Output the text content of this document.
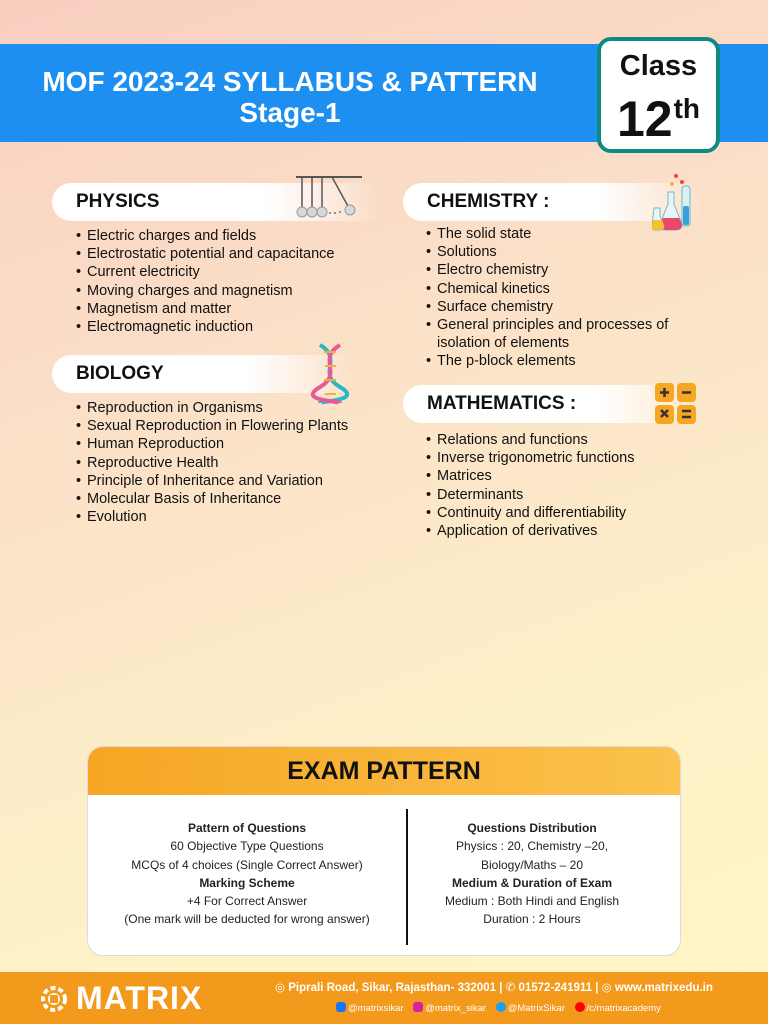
MOF 2023-24 SYLLABUS & PATTERN
Stage-1
Class
12th
PHYSICS
• Electric charges and fields
• Electrostatic potential and capacitance
• Current electricity
• Moving charges and magnetism
• Magnetism and matter
• Electromagnetic induction
BIOLOGY
• Reproduction in Organisms
• Sexual Reproduction in Flowering Plants
• Human Reproduction
• Reproductive Health
• Principle of Inheritance and Variation
• Molecular Basis of Inheritance
• Evolution
CHEMISTRY :
• The solid state
• Solutions
• Electro chemistry
• Chemical kinetics
• Surface chemistry
• General principles and processes of
isolation of elements
• The p-block elements
MATHEMATICS :
• Relations and functions
• Inverse trigonometric functions
• Matrices
• Determinants
• Continuity and differentiability
• Application of derivatives
EXAM PATTERN
Pattern of Questions
60 Objective Type Questions
MCQs of 4 choices (Single Correct Answer)
Marking Scheme
+4 For Correct Answer
(One mark will be deducted for wrong answer)
Questions Distribution
Physics : 20, Chemistry –20,
Biology/Maths – 20
Medium & Duration of Exam
Medium : Both Hindi and English
Duration : 2 Hours
MATRIX	◎ Piprali Road, Sikar, Rajasthan- 332001 | ✆ 01572-241911 | ◎ www.matrixedu.in
@matrixsikar @matrix_sikar @MatrixSikar /c/matrixacademy
